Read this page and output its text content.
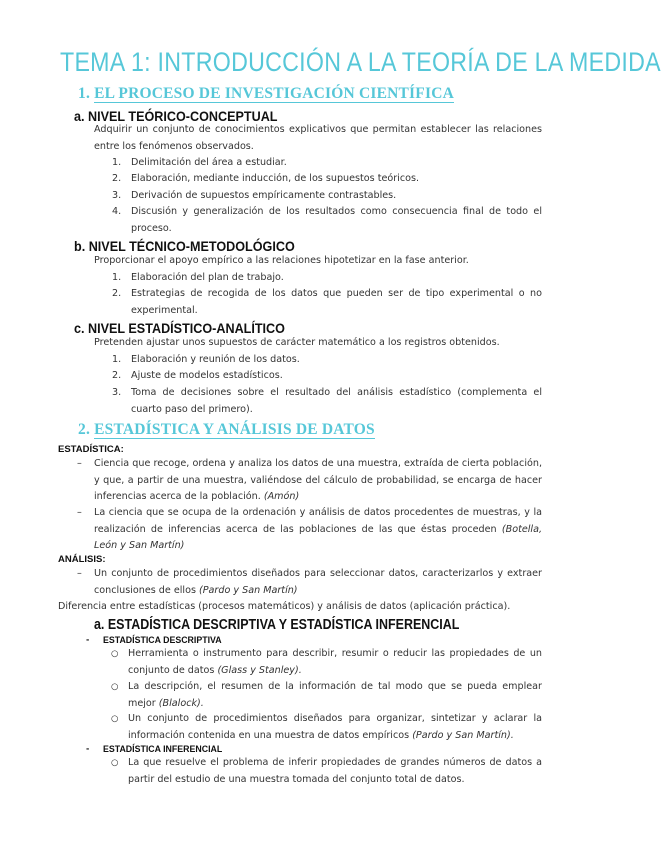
TEMA 1: INTRODUCCIÓN A LA TEORÍA DE LA MEDIDA
1. EL PROCESO DE INVESTIGACIÓN CIENTÍFICA
a. NIVEL TEÓRICO-CONCEPTUAL
Adquirir un conjunto de conocimientos explicativos que permitan establecer las relaciones entre los fenómenos observados.
1. Delimitación del área a estudiar.
2. Elaboración, mediante inducción, de los supuestos teóricos.
3. Derivación de supuestos empíricamente contrastables.
4. Discusión y generalización de los resultados como consecuencia final de todo el proceso.
b. NIVEL TÉCNICO-METODOLÓGICO
Proporcionar el apoyo empírico a las relaciones hipotetizar en la fase anterior.
1. Elaboración del plan de trabajo.
2. Estrategias de recogida de los datos que pueden ser de tipo experimental o no experimental.
c. NIVEL ESTADÍSTICO-ANALÍTICO
Pretenden ajustar unos supuestos de carácter matemático a los registros obtenidos.
1. Elaboración y reunión de los datos.
2. Ajuste de modelos estadísticos.
3. Toma de decisiones sobre el resultado del análisis estadístico (complementa el cuarto paso del primero).
2. ESTADÍSTICA Y ANÁLISIS DE DATOS
ESTADÍSTICA:
– Ciencia que recoge, ordena y analiza los datos de una muestra, extraída de cierta población, y que, a partir de una muestra, valiéndose del cálculo de probabilidad, se encarga de hacer inferencias acerca de la población. (Amón)
– La ciencia que se ocupa de la ordenación y análisis de datos procedentes de muestras, y la realización de inferencias acerca de las poblaciones de las que éstas proceden (Botella, León y San Martín)
ANÁLISIS:
– Un conjunto de procedimientos diseñados para seleccionar datos, caracterizarlos y extraer conclusiones de ellos (Pardo y San Martín)
Diferencia entre estadísticas (procesos matemáticos) y análisis de datos (aplicación práctica).
a. ESTADÍSTICA DESCRIPTIVA Y ESTADÍSTICA INFERENCIAL
- ESTADÍSTICA DESCRIPTIVA
○ Herramienta o instrumento para describir, resumir o reducir las propiedades de un conjunto de datos (Glass y Stanley).
○ La descripción, el resumen de la información de tal modo que se pueda emplear mejor (Blalock).
○ Un conjunto de procedimientos diseñados para organizar, sintetizar y aclarar la información contenida en una muestra de datos empíricos (Pardo y San Martín).
- ESTADÍSTICA INFERENCIAL
○ La que resuelve el problema de inferir propiedades de grandes números de datos a partir del estudio de una muestra tomada del conjunto total de datos.
